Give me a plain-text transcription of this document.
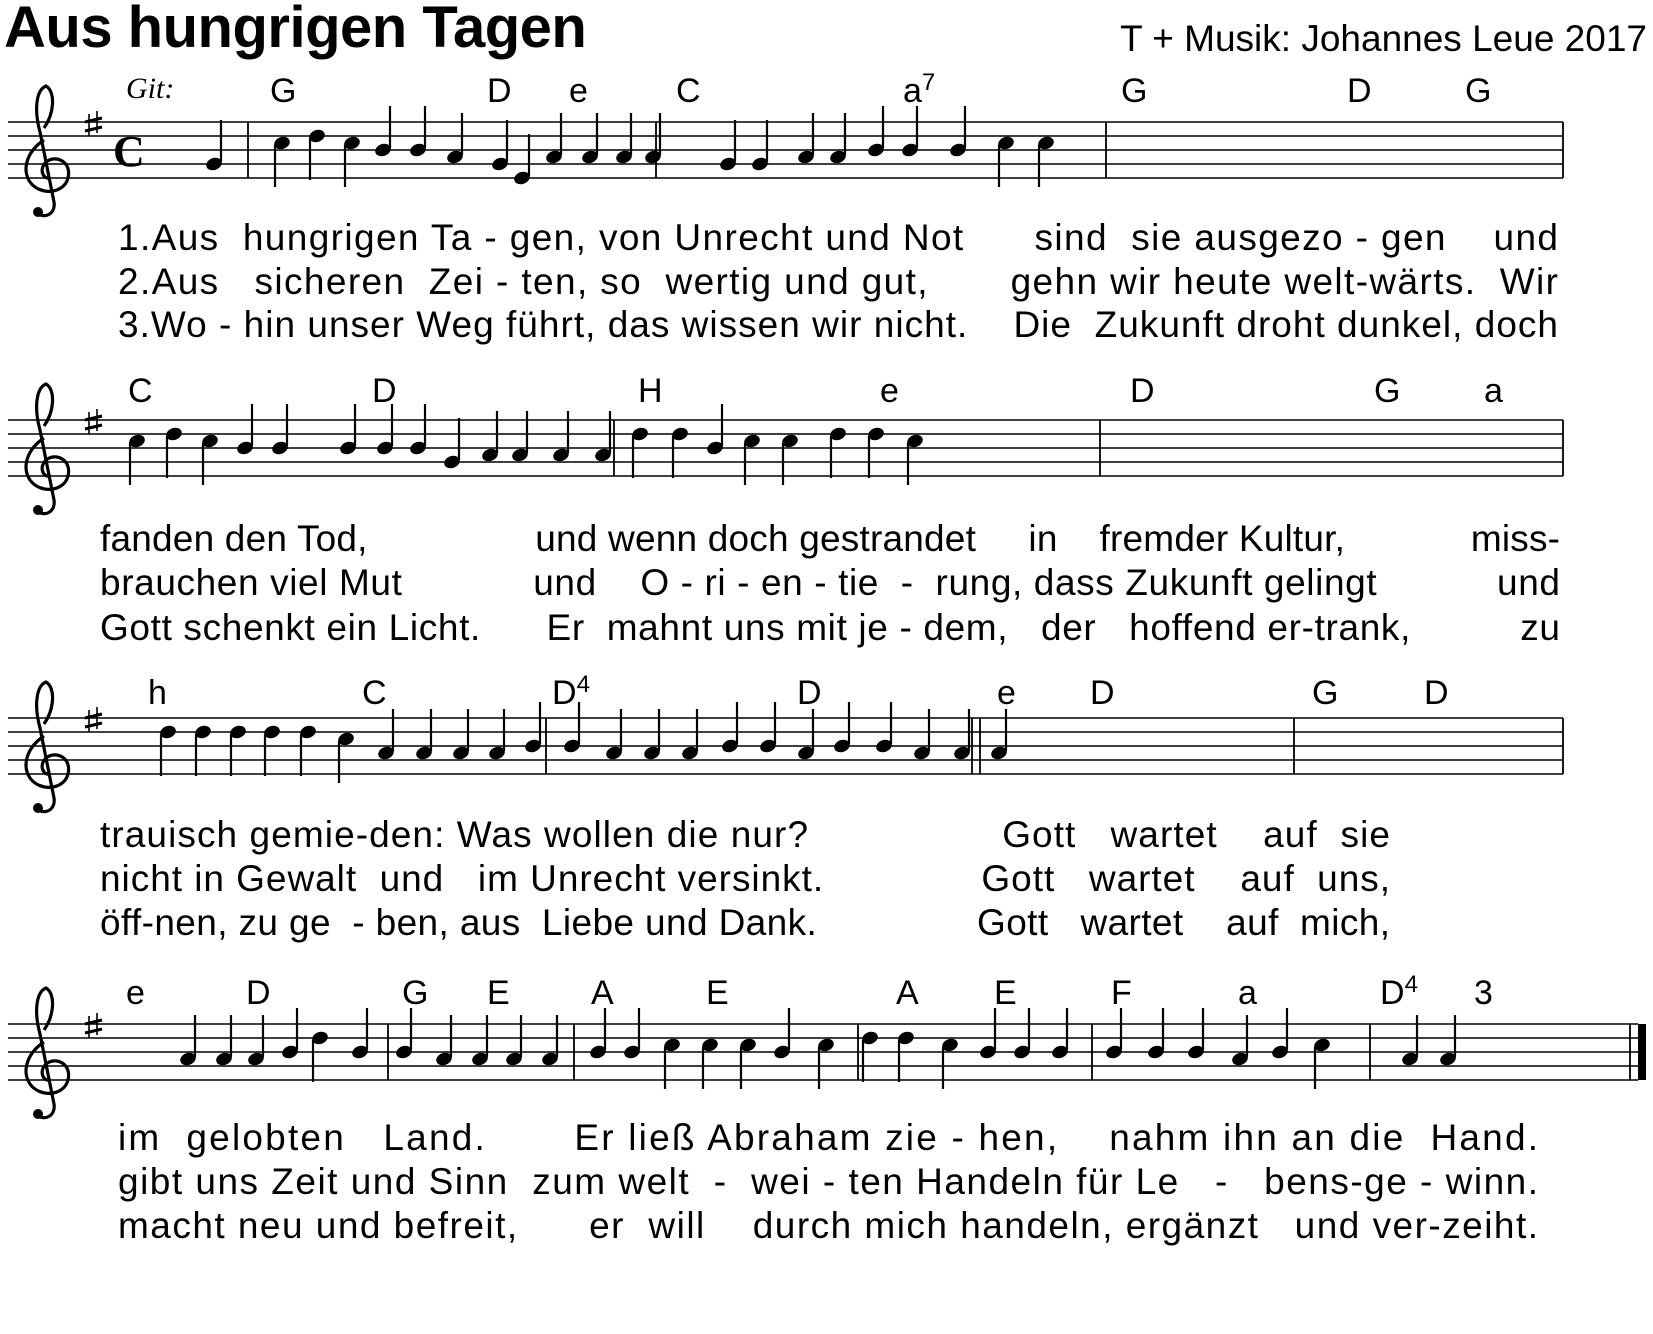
Aus hungrigen Tagen	T + Musik: Johannes Leue 2017
Git:
C
G	D e	C	$a^7$	G	D	G
1.Aus  hungrigen Ta - gen, von Unrecht und Not      sind  sie ausgezo - gen    und
2.Aus   sicheren  Zei - ten, so  wertig und gut,       gehn wir heute welt-wärts.  Wir
3.Wo - hin unser Weg führt, das wissen wir nicht.    Die  Zukunft droht dunkel, doch
C	D	H	e	D	G a
fanden den Tod,                und wenn doch gestrandet     in    fremder Kultur,            miss-
brauchen viel Mut            und    O - ri - en - tie  -  rung, dass Zukunft gelingt           und
Gott schenkt ein Licht.      Er  mahnt uns mit je - dem,   der   hoffend er-trank,          zu
h	C	$D^4$	D	e D	G	D
trauisch gemie-den: Was wollen die nur?                 Gott   wartet    auf  sie
nicht in Gewalt  und   im Unrecht versinkt.              Gott   wartet    auf  uns,
öff-nen, zu ge  - ben, aus  Liebe und Dank.               Gott   wartet    auf  mich,
e	D	G E A	E	A E	F	a	$D^4$ 3
im  gelobten   Land.       Er ließ Abraham zie - hen,    nahm ihn an die  Hand.
gibt uns Zeit und Sinn  zum welt  -  wei - ten Handeln für Le   -   bens-ge - winn.
macht neu und befreit,      er  will    durch mich handeln, ergänzt   und ver-zeiht.
